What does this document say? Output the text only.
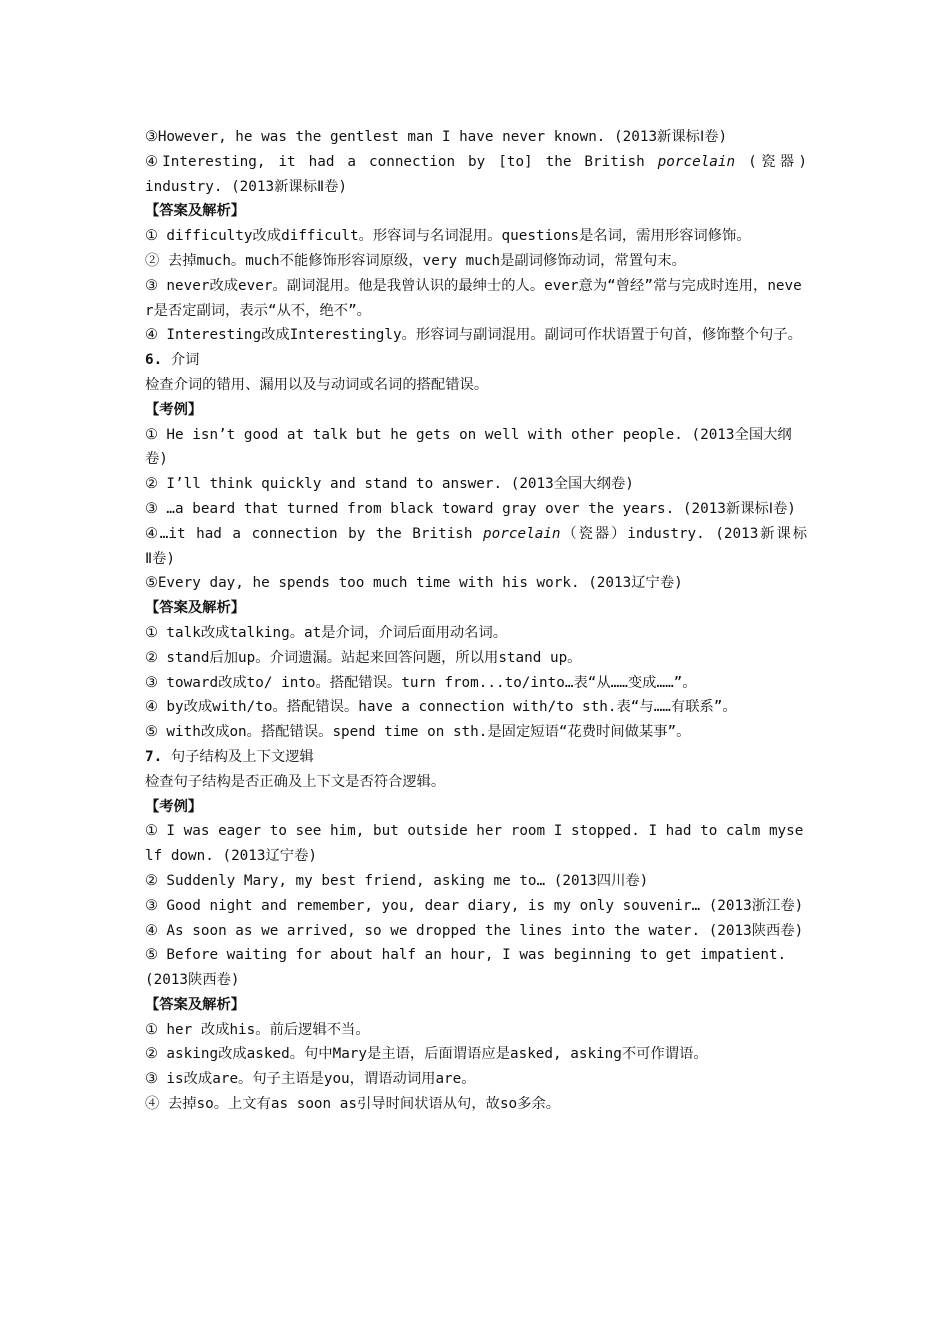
③However, he was the gentlest man I have never known. (2013新课标Ⅰ卷)

④Interesting, it had a connection by [to] the British porcelain (瓷器)

industry. (2013新课标Ⅱ卷)

【答案及解析】

① difficulty改成difficult。形容词与名词混用。questions是名词，需用形容词修饰。

② 去掉much。much不能修饰形容词原级，very much是副词修饰动词，常置句末。

③ never改成ever。副词混用。他是我曾认识的最绅士的人。ever意为“曾经”常与完成时连用，never是否定副词，表示“从不，绝不”。

④ Interesting改成Interestingly。形容词与副词混用。副词可作状语置于句首，修饰整个句子。

6. 介词

检查介词的错用、漏用以及与动词或名词的搭配错误。

【考例】

① He isn’t good at talk but he gets on well with other people. (2013全国大纲卷)

② I’ll think quickly and stand to answer. (2013全国大纲卷)

③ …a beard that turned from black toward gray over the years. (2013新课标Ⅰ卷)

④…it had a connection by the British porcelain（瓷器）industry. (2013新课标

Ⅱ卷)

⑤Every day, he spends too much time with his work. (2013辽宁卷)

【答案及解析】

① talk改成talking。at是介词，介词后面用动名词。

② stand后加up。介词遗漏。站起来回答问题，所以用stand up。

③ toward改成to/ into。搭配错误。turn from...to/into…表“从……变成……”。

④ by改成with/to。搭配错误。have a connection with/to sth.表“与……有联系”。

⑤ with改成on。搭配错误。spend time on sth.是固定短语“花费时间做某事”。

7. 句子结构及上下文逻辑

检查句子结构是否正确及上下文是否符合逻辑。

【考例】

① I was eager to see him, but outside her room I stopped. I had to calm myself down. (2013辽宁卷)

② Suddenly Mary, my best friend, asking me to… (2013四川卷)

③ Good night and remember, you, dear diary, is my only souvenir… (2013浙江卷)

④ As soon as we arrived, so we dropped the lines into the water. (2013陕西卷)

⑤ Before waiting for about half an hour, I was beginning to get impatient. (2013陕西卷)

【答案及解析】

① her 改成his。前后逻辑不当。

② asking改成asked。句中Mary是主语，后面谓语应是asked, asking不可作谓语。

③ is改成are。句子主语是you，谓语动词用are。

④ 去掉so。上文有as soon as引导时间状语从句，故so多余。
